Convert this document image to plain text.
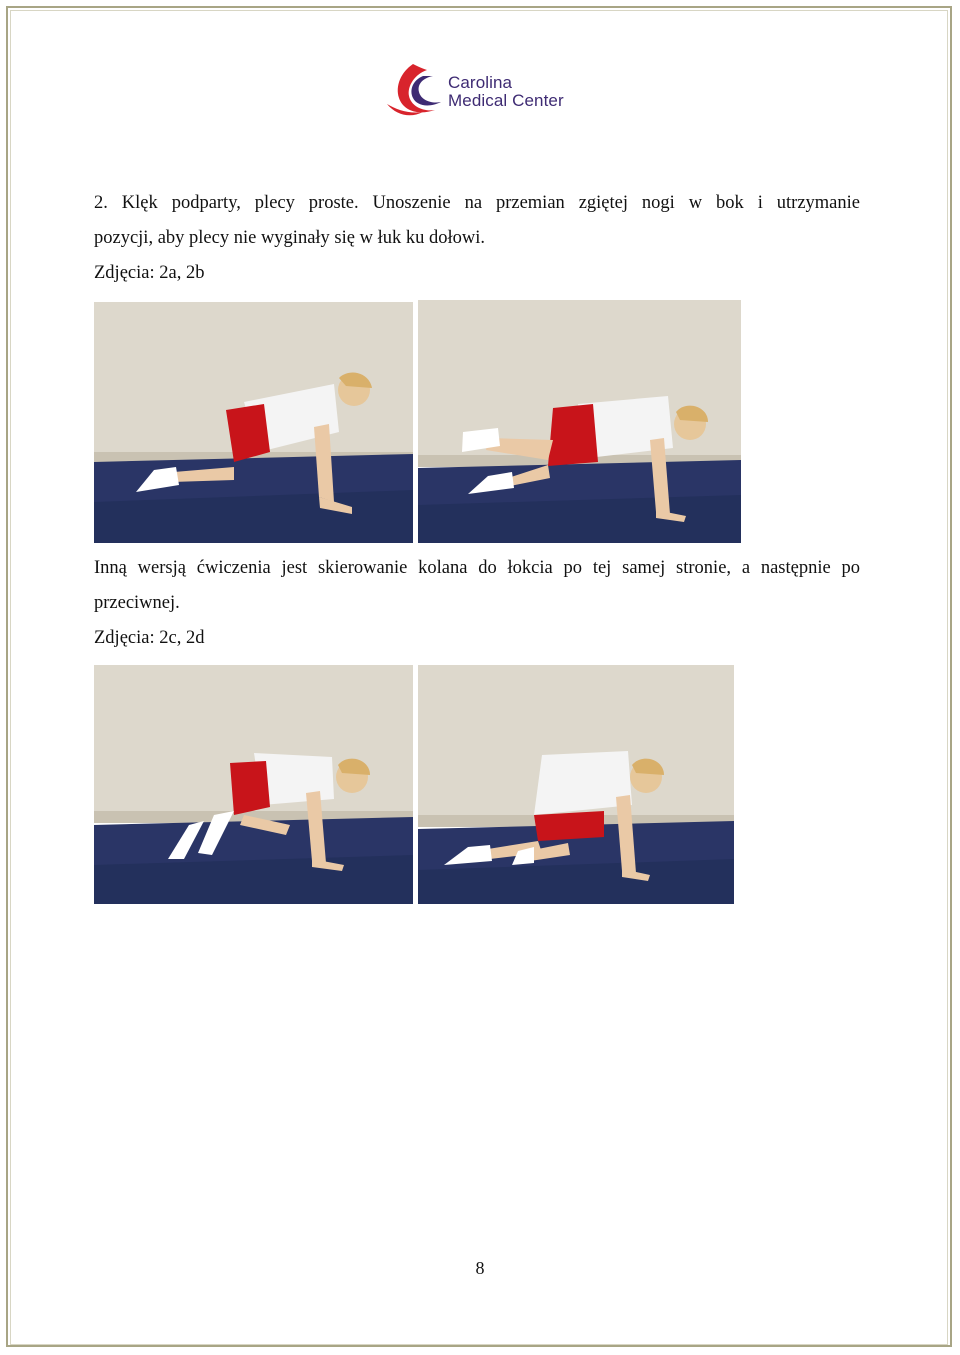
Carolina
Medical Center
2. Klęk podparty, plecy proste. Unoszenie na przemian zgiętej nogi w bok i utrzymanie
pozycji, aby plecy nie wyginały się w łuk ku dołowi.
Zdjęcia: 2a, 2b
Inną wersją ćwiczenia jest skierowanie kolana do łokcia po tej samej stronie, a następnie po
przeciwnej.
Zdjęcia: 2c, 2d
8
